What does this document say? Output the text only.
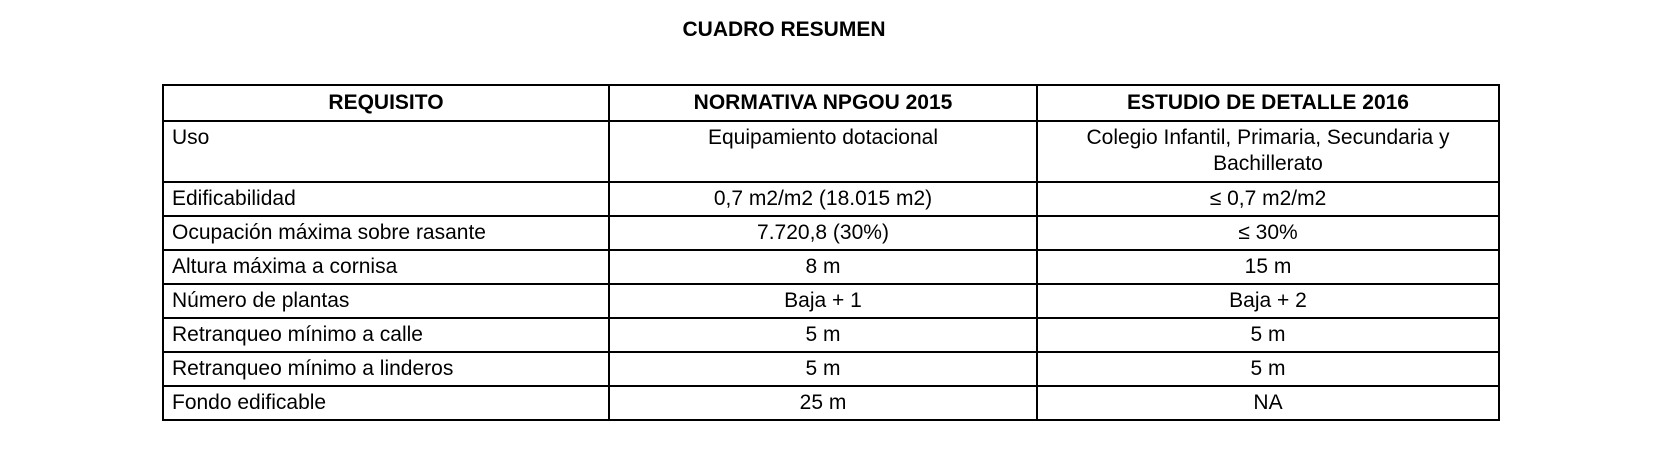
CUADRO RESUMEN
REQUISITO	NORMATIVA NPGOU 2015	ESTUDIO DE DETALLE 2016
Uso	Equipamiento dotacional	Colegio Infantil, Primaria, Secundaria y Bachillerato
Edificabilidad	0,7 m2/m2 (18.015 m2)	≤ 0,7 m2/m2
Ocupación máxima sobre rasante	7.720,8 (30%)	≤ 30%
Altura máxima a cornisa	8 m	15 m
Número de plantas	Baja + 1	Baja + 2
Retranqueo mínimo a calle	5 m	5 m
Retranqueo mínimo a linderos	5 m	5 m
Fondo edificable	25 m	NA
